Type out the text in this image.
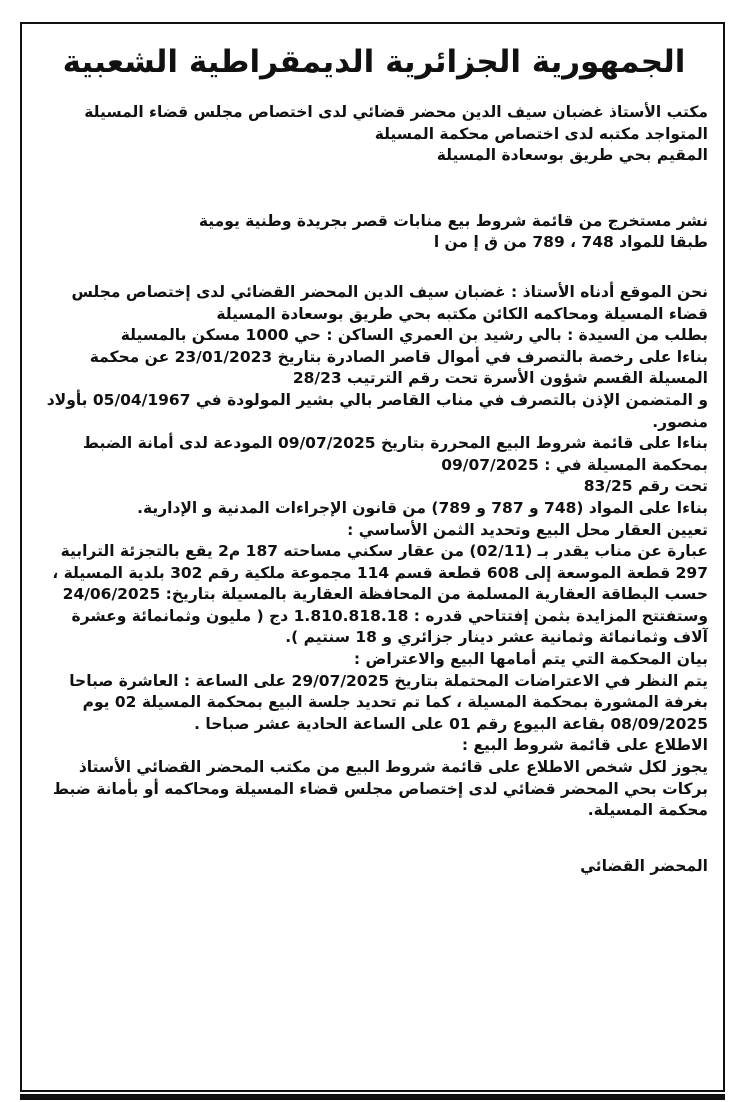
الجمهورية الجزائرية الديمقراطية الشعبية
مكتب الأستاذ غضبان سيف الدين محضر قضائي لدى اختصاص مجلس قضاء المسيلة
المتواجد مكتبه لدى اختصاص محكمة المسيلة
المقيم بحي طريق بوسعادة المسيلة
نشر مستخرج من قائمة شروط بيع منابات قصر بجريدة وطنية يومية
طبقا للمواد 748 ، 789 من ق إ من ا
نحن الموقع أدناه الأستاذ : غضبان سيف الدين المحضر القضائي لدى إختصاص مجلس
قضاء المسيلة ومحاكمه الكائن مكتبه بحي طريق بوسعادة المسيلة
بطلب من السيدة : بالي رشيد بن العمري الساكن : حي 1000 مسكن بالمسيلة
بناءا على رخصة بالتصرف في أموال قاصر الصادرة بتاريخ 23/01/2023 عن محكمة
المسيلة القسم شؤون الأسرة تحت رقم الترتيب 28/23
و المتضمن الإذن بالتصرف في مناب القاصر بالي بشير المولودة في 05/04/1967 بأولاد
منصور.
بناءا على قائمة شروط البيع المحررة بتاريخ 09/07/2025 المودعة لدى أمانة الضبط
بمحكمة المسيلة في : 09/07/2025
تحت رقم 83/25
بناءا على المواد (748 و 787 و 789) من قانون الإجراءات المدنية و الإدارية.
تعيين العقار محل البيع وتحديد الثمن الأساسي :
عبارة عن مناب يقدر بـ (02/11) من عقار سكني مساحته 187 م2 يقع بالتجزئة الترابية
297 قطعة الموسعة إلى 608 قطعة قسم 114 مجموعة ملكية رقم 302 بلدية المسيلة ،
حسب البطاقة العقارية المسلمة من المحافظة العقارية بالمسيلة بتاريخ: 24/06/2025
وستفتتح المزايدة بثمن إفتتاحي قدره : 1.810.818.18 دج ( مليون وثمانمائة وعشرة
آلاف وثمانمائة وثمانية عشر دينار جزائري و 18 سنتيم ).
بيان المحكمة التي يتم أمامها البيع والاعتراض :
يتم النظر في الاعتراضات المحتملة بتاريخ 29/07/2025 على الساعة : العاشرة صباحا
بغرفة المشورة بمحكمة المسيلة ، كما تم تحديد جلسة البيع بمحكمة المسيلة 02 يوم
08/09/2025 بقاعة البيوع رقم 01 على الساعة الحادية عشر صباحا .
الاطلاع على قائمة شروط البيع :
يجوز لكل شخص الاطلاع على قائمة شروط البيع من مكتب المحضر القضائي الأستاذ
بركات بحي المحضر قضائي لدى إختصاص مجلس قضاء المسيلة ومحاكمه أو بأمانة ضبط
محكمة المسيلة.
المحضر القضائي
